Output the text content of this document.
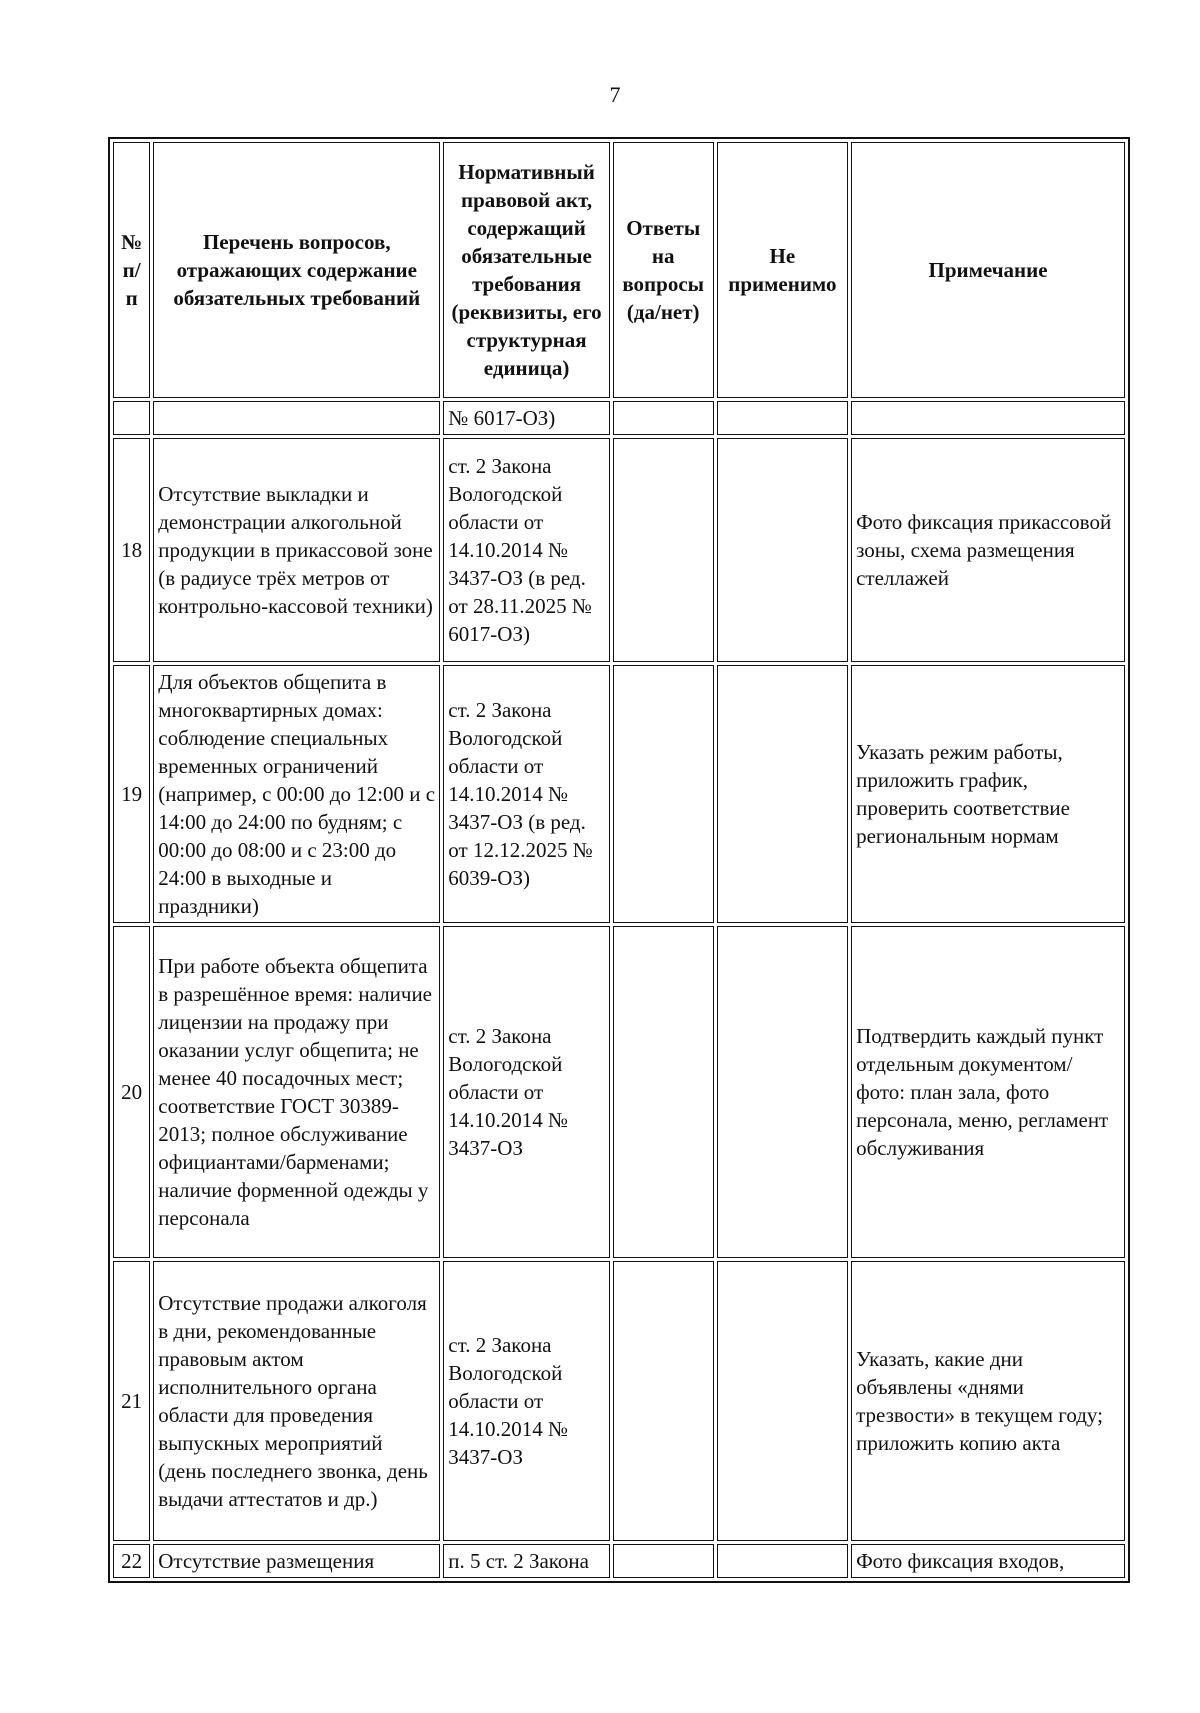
7
№ п/п	Перечень вопросов, отражающих содержание обязательных требований	Нормативный правовой акт, содержащий обязательные требования (реквизиты, его структурная единица)	Ответы на вопросы (да/нет)	Не применимо	Примечание
		№ 6017-ОЗ)			
18	Отсутствие выкладки и демонстрации алкогольной продукции в прикассовой зоне (в радиусе трёх метров от контрольно-кассовой техники)	ст. 2 Закона Вологодской области от 14.10.2014 № 3437-ОЗ (в ред. от 28.11.2025 № 6017-ОЗ)			Фото фиксация прикассовой зоны, схема размещения стеллажей
19	Для объектов общепита в многоквартирных домах: соблюдение специальных временных ограничений (например, с 00:00 до 12:00 и с 14:00 до 24:00 по будням; с 00:00 до 08:00 и с 23:00 до 24:00 в выходные и праздники)	ст. 2 Закона Вологодской области от 14.10.2014 № 3437-ОЗ (в ред. от 12.12.2025 № 6039-ОЗ)			Указать режим работы, приложить график, проверить соответствие региональным нормам
20	При работе объекта общепита в разрешённое время: наличие лицензии на продажу при оказании услуг общепита; не менее 40 посадочных мест; соответствие ГОСТ 30389-2013; полное обслуживание официантами/барменами; наличие форменной одежды у персонала	ст. 2 Закона Вологодской области от 14.10.2014 № 3437-ОЗ			Подтвердить каждый пункт отдельным документом/фото: план зала, фото персонала, меню, регламент обслуживания
21	Отсутствие продажи алкоголя в дни, рекомендованные правовым актом исполнительного органа области для проведения выпускных мероприятий (день последнего звонка, день выдачи аттестатов и др.)	ст. 2 Закона Вологодской области от 14.10.2014 № 3437-ОЗ			Указать, какие дни объявлены «днями трезвости» в текущем году; приложить копию акта
22	Отсутствие размещения	п. 5 ст. 2 Закона			Фото фиксация входов,
